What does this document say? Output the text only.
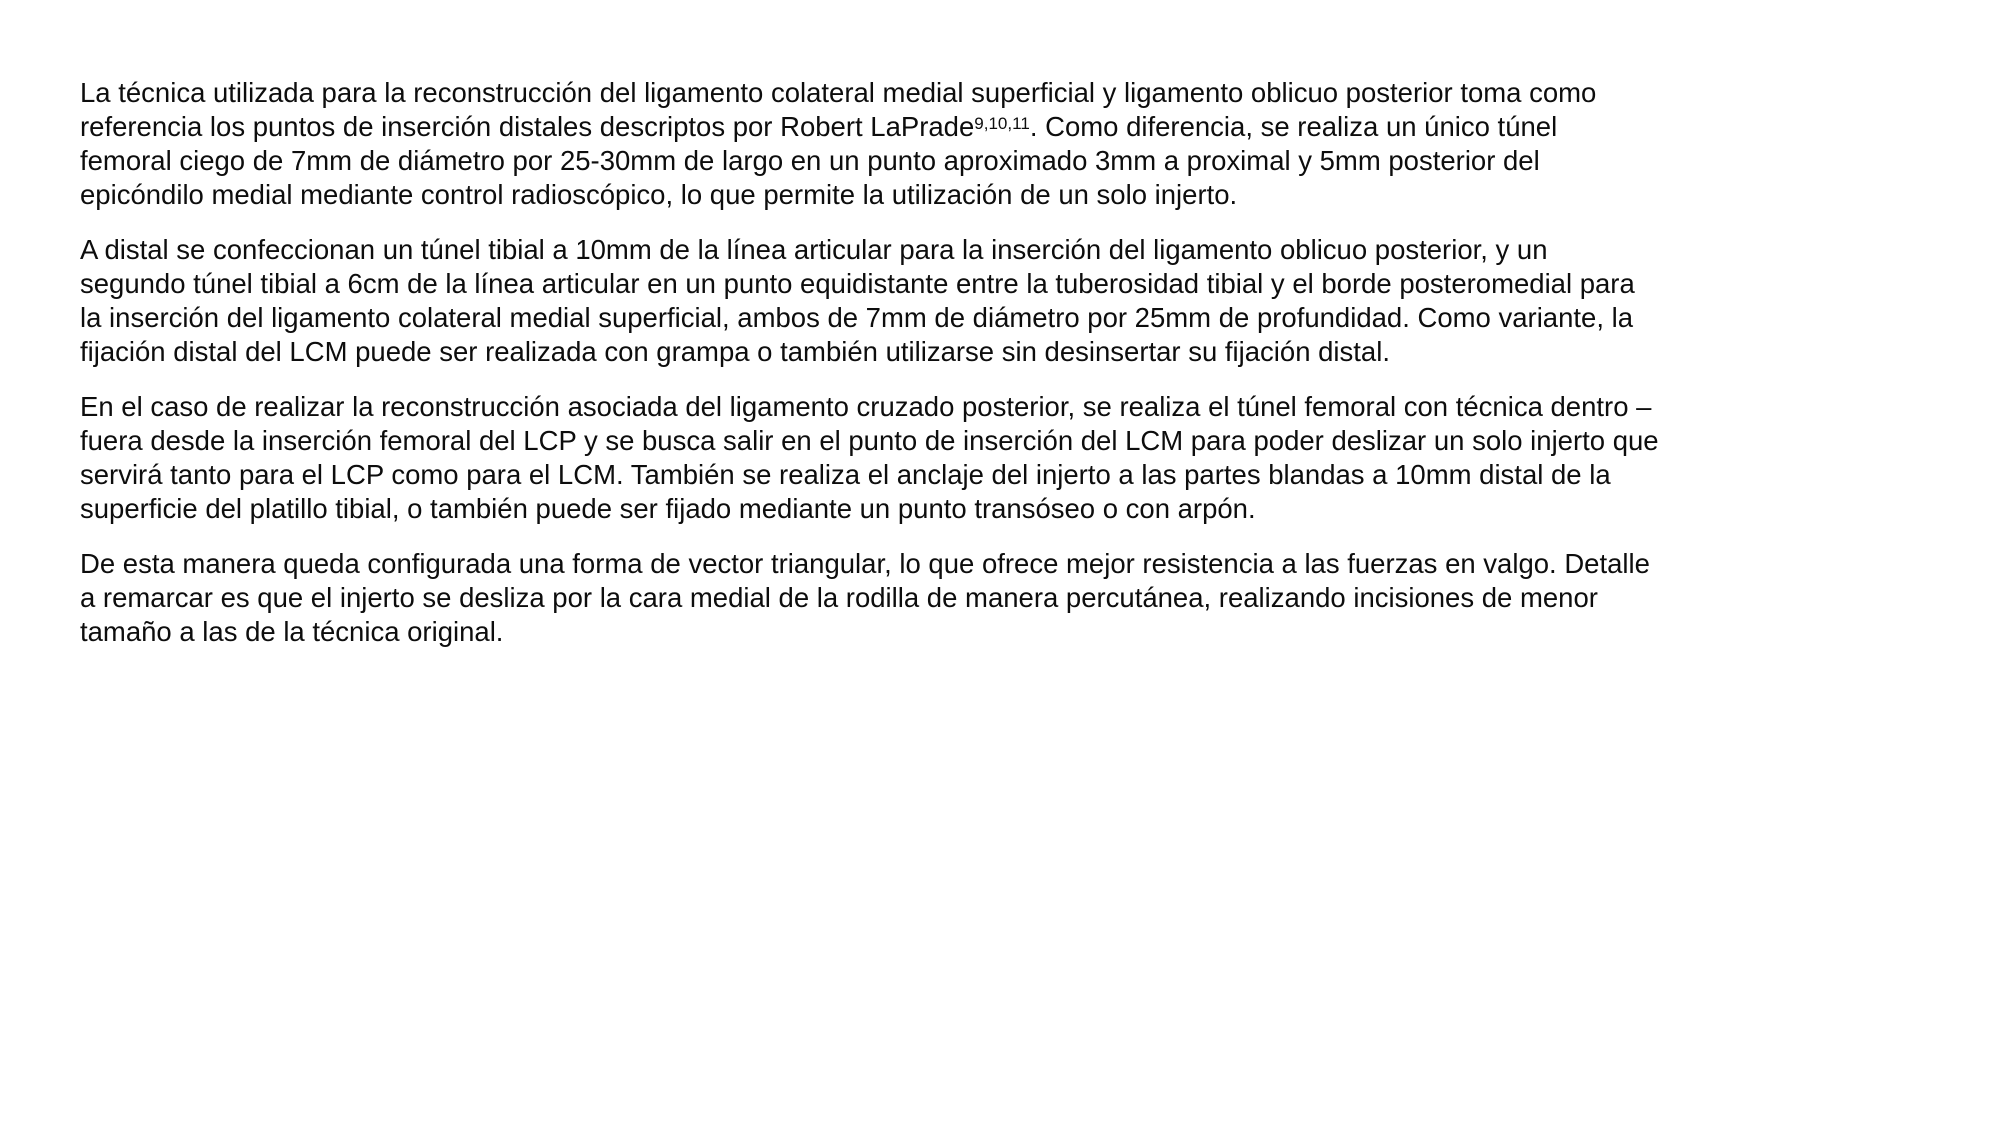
La técnica utilizada para la reconstrucción del ligamento colateral medial superficial y ligamento oblicuo posterior toma como
referencia los puntos de inserción distales descriptos por Robert LaPrade$^{9,10,11}$. Como diferencia, se realiza un único túnel
femoral ciego de 7mm de diámetro por 25-30mm de largo en un punto aproximado 3mm a proximal y 5mm posterior del
epicóndilo medial mediante control radioscópico, lo que permite la utilización de un solo injerto.

A distal se confeccionan un túnel tibial a 10mm de la línea articular para la inserción del ligamento oblicuo posterior, y un
segundo túnel tibial a 6cm de la línea articular en un punto equidistante entre la tuberosidad tibial y el borde posteromedial para
la inserción del ligamento colateral medial superficial, ambos de 7mm de diámetro por 25mm de profundidad. Como variante, la
fijación distal del LCM puede ser realizada con grampa o también utilizarse sin desinsertar su fijación distal.

En el caso de realizar la reconstrucción asociada del ligamento cruzado posterior, se realiza el túnel femoral con técnica dentro –
fuera desde la inserción femoral del LCP y se busca salir en el punto de inserción del LCM para poder deslizar un solo injerto que
servirá tanto para el LCP como para el LCM. También se realiza el anclaje del injerto a las partes blandas a 10mm distal de la
superficie del platillo tibial, o también puede ser fijado mediante un punto transóseo o con arpón.

De esta manera queda configurada una forma de vector triangular, lo que ofrece mejor resistencia a las fuerzas en valgo. Detalle
a remarcar es que el injerto se desliza por la cara medial de la rodilla de manera percutánea, realizando incisiones de menor
tamaño a las de la técnica original.
